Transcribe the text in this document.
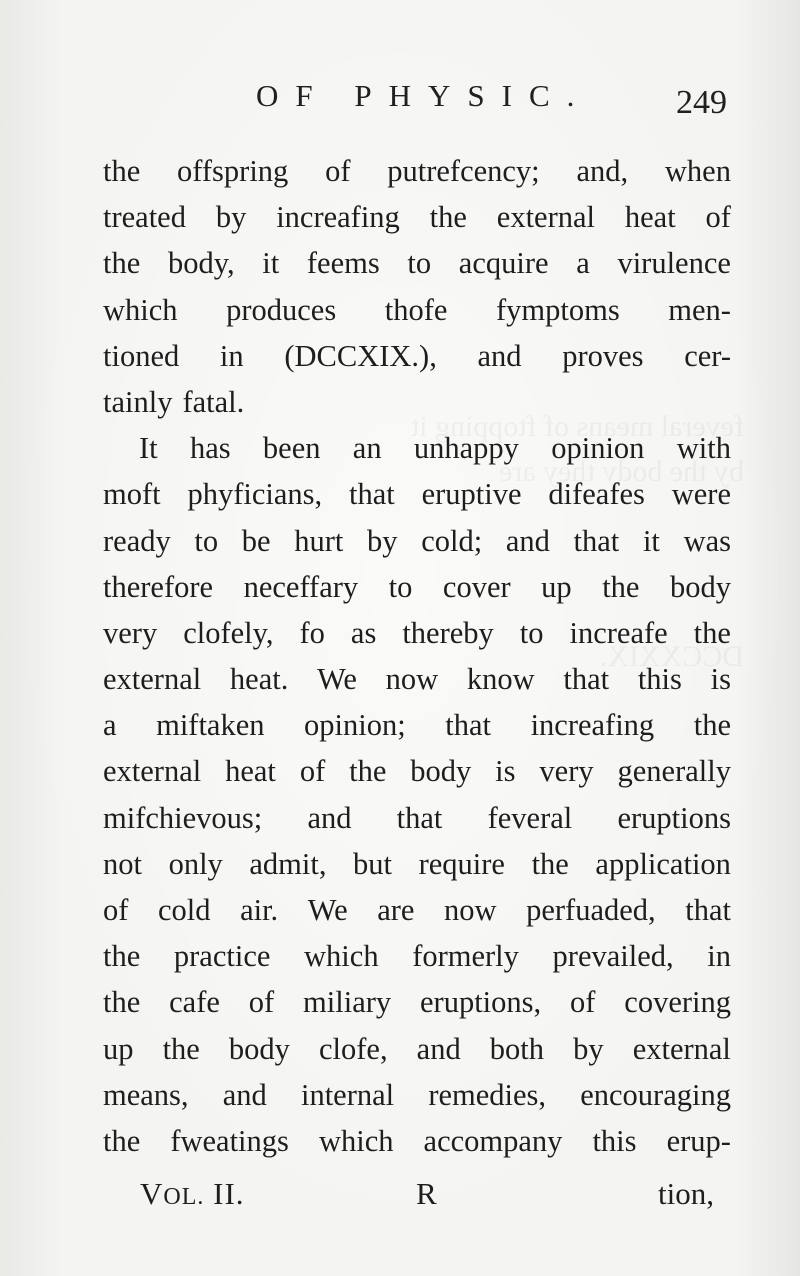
OF PHYSIC. 249
the offspring of putrefcency; and, when
treated by increafing the external heat of
the body, it feems to acquire a virulence
which produces thofe fymptoms men-
tioned in (DCCXIX.), and proves cer-
tainly fatal.
It has been an unhappy opinion with
moft phyficians, that eruptive difeafes were
ready to be hurt by cold; and that it was
therefore neceffary to cover up the body
very clofely, fo as thereby to increafe the
external heat. We now know that this is
a miftaken opinion; that increafing the
external heat of the body is very generally
mifchievous; and that feveral eruptions
not only admit, but require the application
of cold air. We are now perfuaded, that
the practice which formerly prevailed, in
the cafe of miliary eruptions, of covering
up the body clofe, and both by external
means, and internal remedies, encouraging
the fweatings which accompany this erup-
VOL. II.	R	tion,
